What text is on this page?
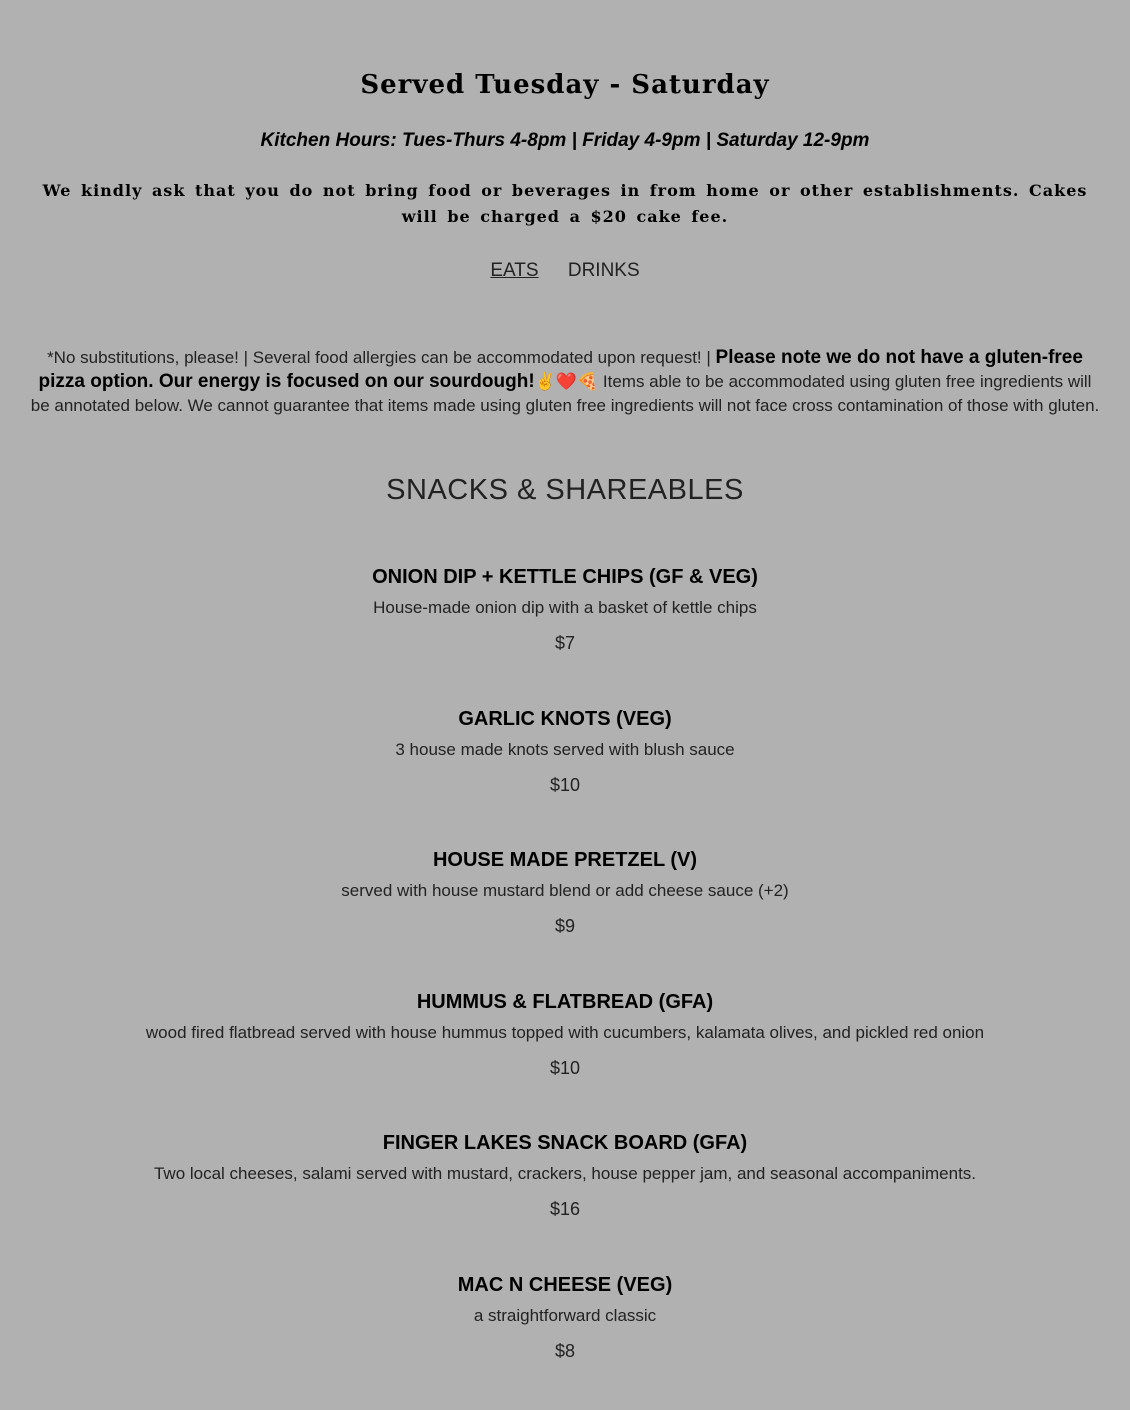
Served Tuesday - Saturday
Kitchen Hours: Tues-Thurs 4-8pm | Friday 4-9pm | Saturday 12-9pm
We kindly ask that you do not bring food or beverages in from home or other establishments. Cakes will be charged a $20 cake fee.
EATS DRINKS
*No substitutions, please! | Several food allergies can be accommodated upon request! | Please note we do not have a gluten-free pizza option. Our energy is focused on our sourdough!✌❤️🍕 Items able to be accommodated using gluten free ingredients will be annotated below. We cannot guarantee that items made using gluten free ingredients will not face cross contamination of those with gluten.
SNACKS & SHAREABLES
ONION DIP + KETTLE CHIPS (GF & VEG)
House-made onion dip with a basket of kettle chips
$7
GARLIC KNOTS (VEG)
3 house made knots served with blush sauce
$10
HOUSE MADE PRETZEL (V)
served with house mustard blend or add cheese sauce (+2)
$9
HUMMUS & FLATBREAD (GFA)
wood fired flatbread served with house hummus topped with cucumbers, kalamata olives, and pickled red onion
$10
FINGER LAKES SNACK BOARD (GFA)
Two local cheeses, salami served with mustard, crackers, house pepper jam, and seasonal accompaniments.
$16
MAC N CHEESE (VEG)
a straightforward classic
$8
